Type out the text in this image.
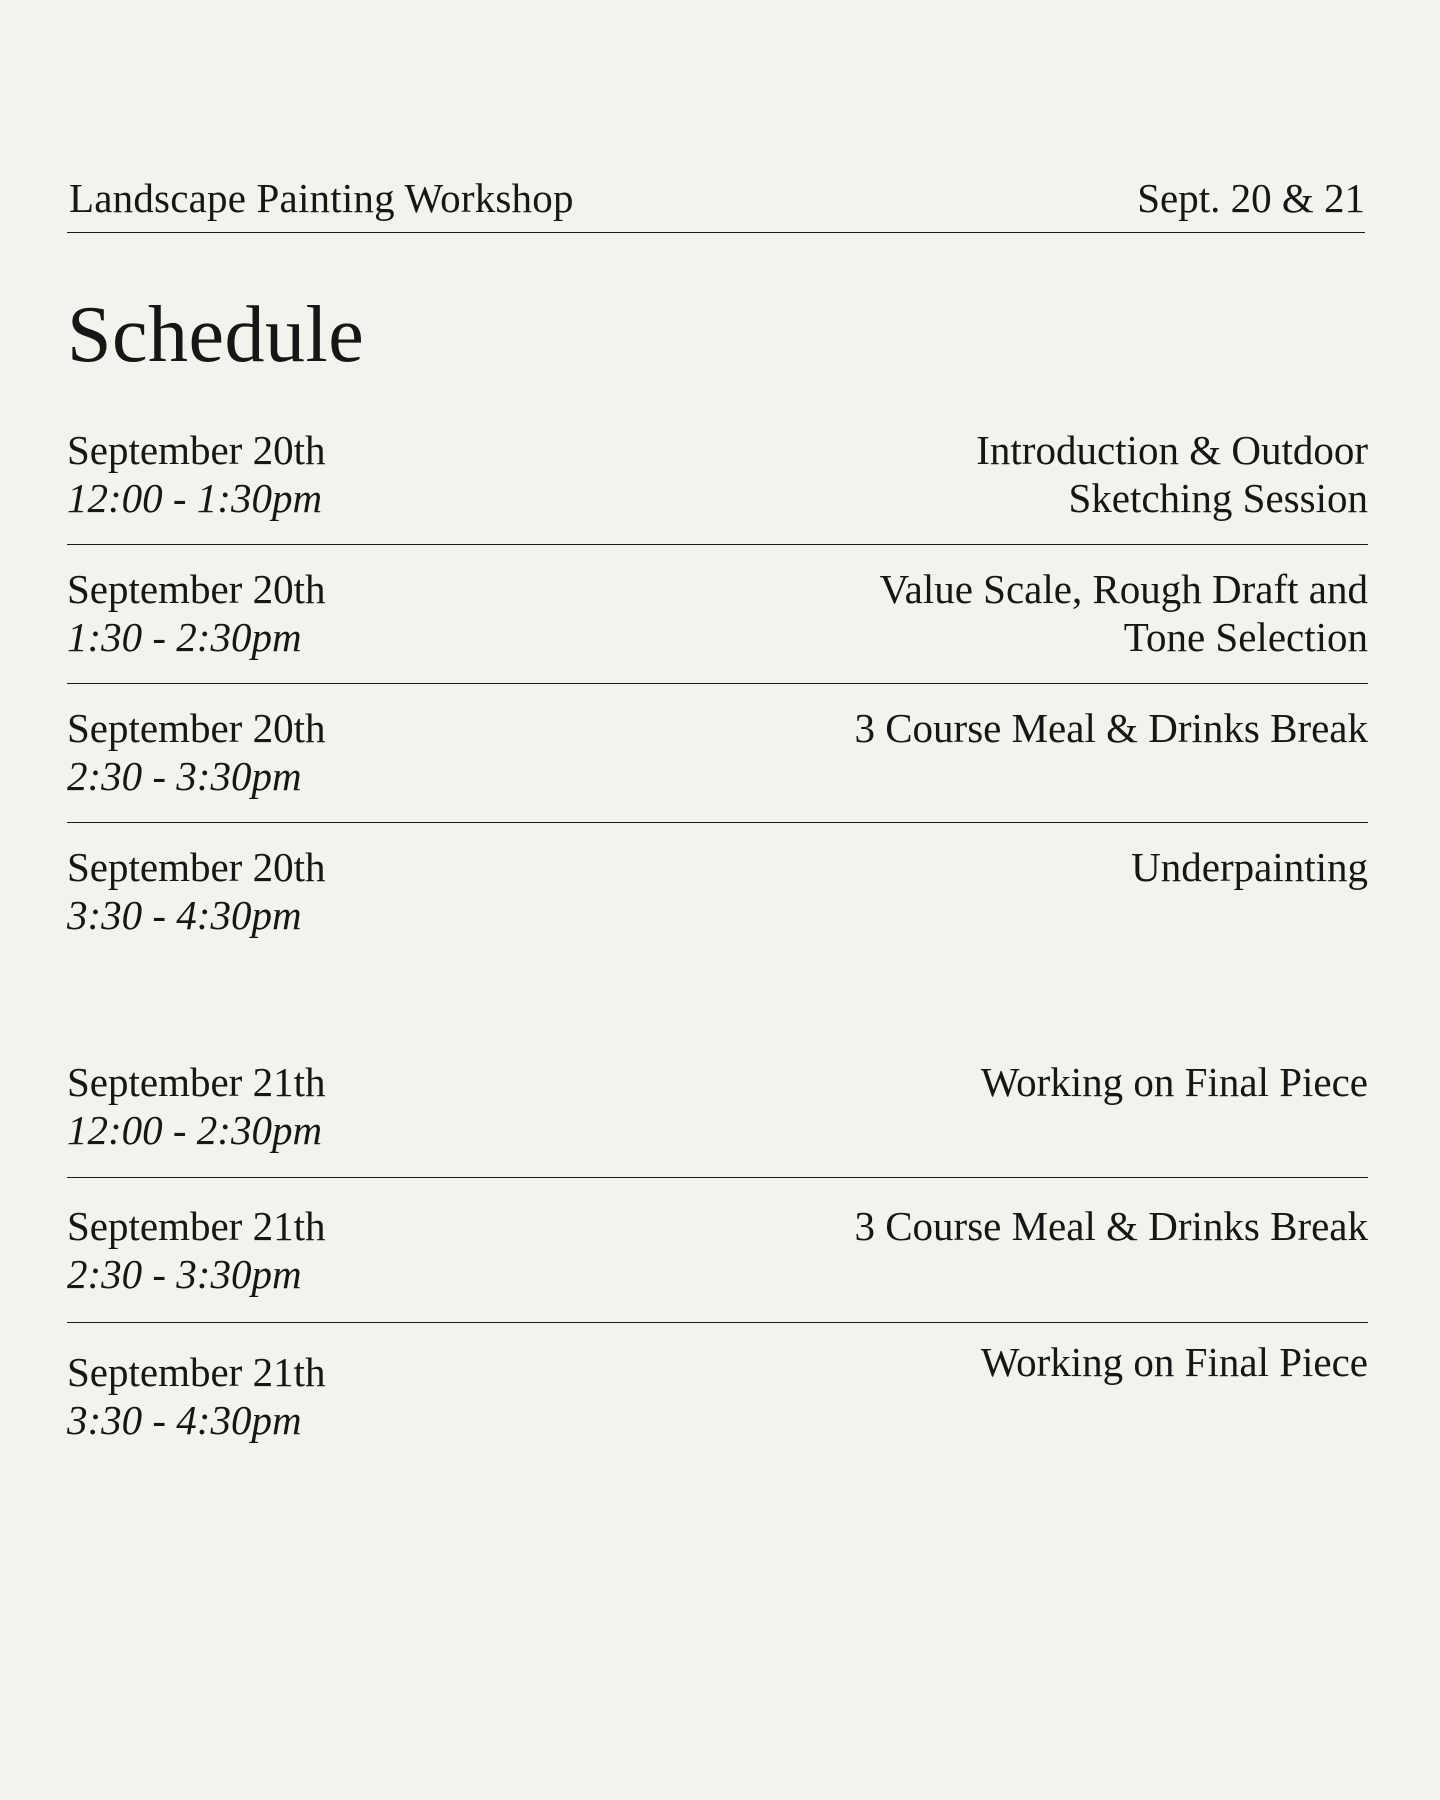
Landscape Painting Workshop	Sept. 20 & 21
Schedule
September 20th
12:00 - 1:30pm
Introduction & Outdoor
Sketching Session
September 20th
1:30 - 2:30pm
Value Scale, Rough Draft and
Tone Selection
September 20th
2:30 - 3:30pm
3 Course Meal & Drinks Break
September 20th
3:30 - 4:30pm
Underpainting
September 21th
12:00 - 2:30pm
Working on Final Piece
September 21th
2:30 - 3:30pm
3 Course Meal & Drinks Break
September 21th
3:30 - 4:30pm
Working on Final Piece
